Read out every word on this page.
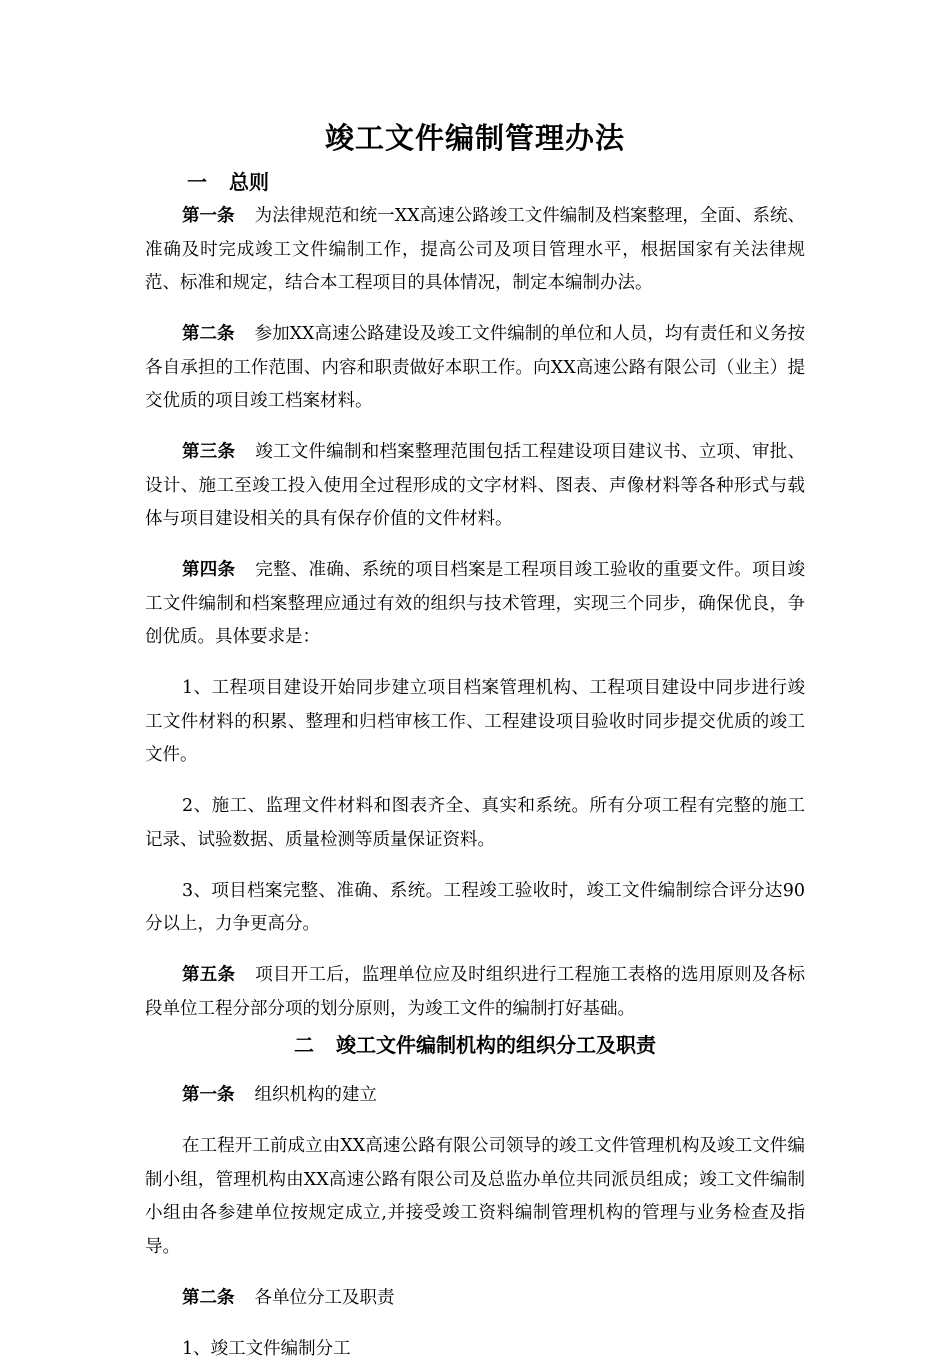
竣工文件编制管理办法
一 总则

第一条 为法律规范和统一XX高速公路竣工文件编制及档案整理，全面、系统、准确及时完成竣工文件编制工作，提高公司及项目管理水平，根据国家有关法律规范、标准和规定，结合本工程项目的具体情况，制定本编制办法。

第二条 参加XX高速公路建设及竣工文件编制的单位和人员，均有责任和义务按各自承担的工作范围、内容和职责做好本职工作。向XX高速公路有限公司（业主）提交优质的项目竣工档案材料。

第三条 竣工文件编制和档案整理范围包括工程建设项目建议书、立项、审批、设计、施工至竣工投入使用全过程形成的文字材料、图表、声像材料等各种形式与载体与项目建设相关的具有保存价值的文件材料。

第四条 完整、准确、系统的项目档案是工程项目竣工验收的重要文件。项目竣工文件编制和档案整理应通过有效的组织与技术管理，实现三个同步，确保优良，争创优质。具体要求是：

1、工程项目建设开始同步建立项目档案管理机构、工程项目建设中同步进行竣工文件材料的积累、整理和归档审核工作、工程建设项目验收时同步提交优质的竣工文件。

2、施工、监理文件材料和图表齐全、真实和系统。所有分项工程有完整的施工记录、试验数据、质量检测等质量保证资料。

3、项目档案完整、准确、系统。工程竣工验收时，竣工文件编制综合评分达90分以上，力争更高分。

第五条 项目开工后，监理单位应及时组织进行工程施工表格的选用原则及各标段单位工程分部分项的划分原则，为竣工文件的编制打好基础。

二 竣工文件编制机构的组织分工及职责

第一条 组织机构的建立

在工程开工前成立由XX高速公路有限公司领导的竣工文件管理机构及竣工文件编制小组，管理机构由XX高速公路有限公司及总监办单位共同派员组成；竣工文件编制小组由各参建单位按规定成立,并接受竣工资料编制管理机构的管理与业务检查及指导。

第二条 各单位分工及职责

1、竣工文件编制分工
